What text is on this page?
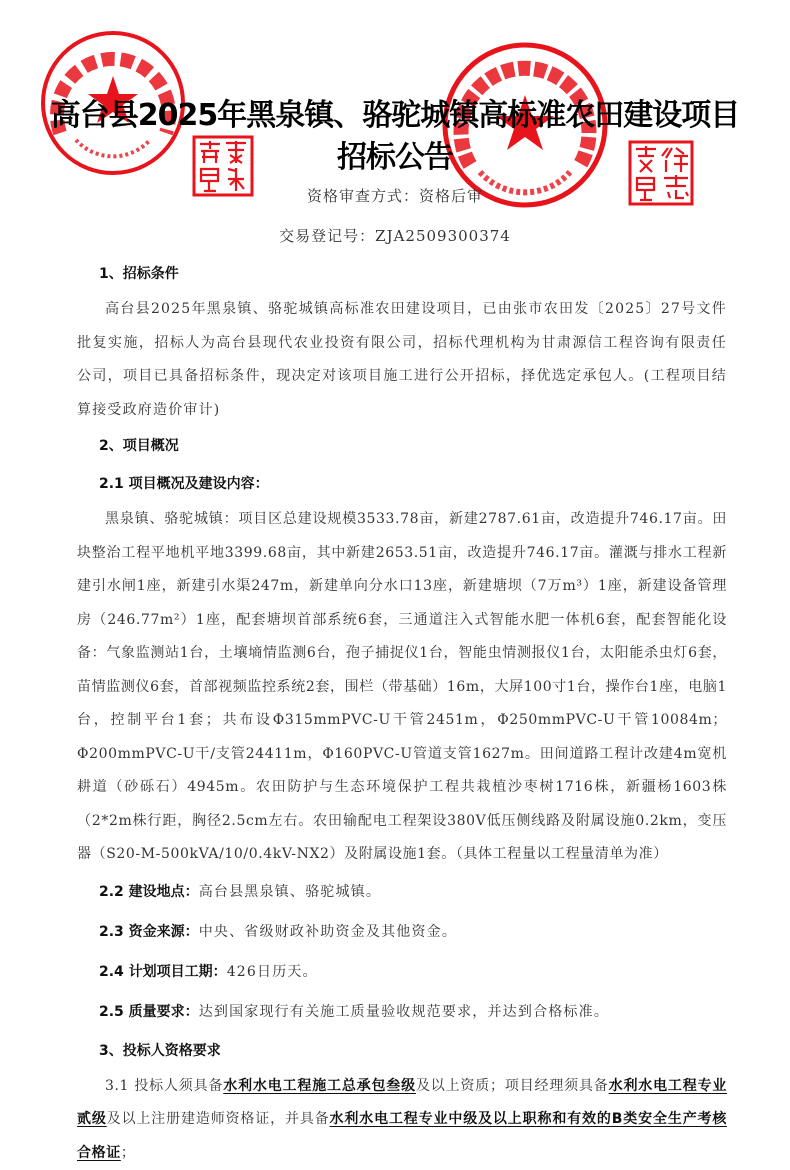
高台县2025年黑泉镇、骆驼城镇高标准农田建设项目
招标公告
资格审查方式：资格后审
交易登记号：ZJA2509300374
1、招标条件

高台县2025年黑泉镇、骆驼城镇高标准农田建设项目，已由张市农田发〔2025〕27号文件批复实施，招标人为高台县现代农业投资有限公司，招标代理机构为甘肃源信工程咨询有限责任公司，项目已具备招标条件，现决定对该项目施工进行公开招标，择优选定承包人。(工程项目结算接受政府造价审计)

2、项目概况
2.1 项目概况及建设内容：

黑泉镇、骆驼城镇：项目区总建设规模3533.78亩，新建2787.61亩，改造提升746.17亩。田块整治工程平地机平地3399.68亩，其中新建2653.51亩，改造提升746.17亩。灌溉与排水工程新建引水闸1座，新建引水渠247m，新建单向分水口13座，新建塘坝（7万m³）1座，新建设备管理房（246.77m²）1座，配套塘坝首部系统6套，三通道注入式智能水肥一体机6套，配套智能化设备：气象监测站1台，土壤墒情监测6台，孢子捕捉仪1台，智能虫情测报仪1台，太阳能杀虫灯6套，苗情监测仪6套，首部视频监控系统2套，围栏（带基础）16m，大屏100寸1台，操作台1座，电脑1台，控制平台1套；共布设Φ315mmPVC-U干管2451m，Φ250mmPVC-U干管10084m；Φ200mmPVC-U干/支管24411m，Φ160PVC-U管道支管1627m。田间道路工程计改建4m宽机耕道（砂砾石）4945m。农田防护与生态环境保护工程共栽植沙枣树1716株，新疆杨1603株（2*2m株行距，胸径2.5cm左右。农田输配电工程架设380V低压侧线路及附属设施0.2km，变压器（S20-M-500kVA/10/0.4kV-NX2）及附属设施1套。（具体工程量以工程量清单为准）

2.2 建设地点：高台县黑泉镇、骆驼城镇。
2.3 资金来源：中央、省级财政补助资金及其他资金。
2.4 计划项目工期：426日历天。
2.5 质量要求：达到国家现行有关施工质量验收规范要求，并达到合格标准。
3、投标人资格要求

3.1 投标人须具备水利水电工程施工总承包叁级及以上资质；项目经理须具备水利水电工程专业贰级及以上注册建造师资格证，并具备水利水电工程专业中级及以上职称和有效的B类安全生产考核合格证；
